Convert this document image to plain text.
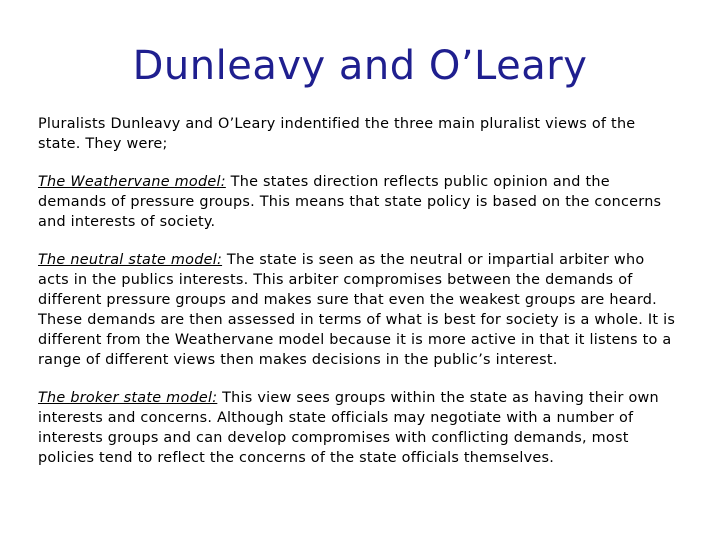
Dunleavy and O’Leary

Pluralists Dunleavy and O’Leary indentified the three main pluralist views of the state. They were;

The Weathervane model: The states direction reflects public opinion and the demands of pressure groups. This means that state policy is based on the concerns and interests of society.

The neutral state model: The state is seen as the neutral or impartial arbiter who acts in the publics interests. This arbiter compromises between the demands of different pressure groups and makes sure that even the weakest groups are heard. These demands are then assessed in terms of what is best for society is a whole. It is different from the Weathervane model because it is more active in that it listens to a range of different views then makes decisions in the public’s interest.

The broker state model: This view sees groups within the state as having their own interests and concerns. Although state officials may negotiate with a number of interests groups and can develop compromises with conflicting demands, most policies tend to reflect the concerns of the state officials themselves.
